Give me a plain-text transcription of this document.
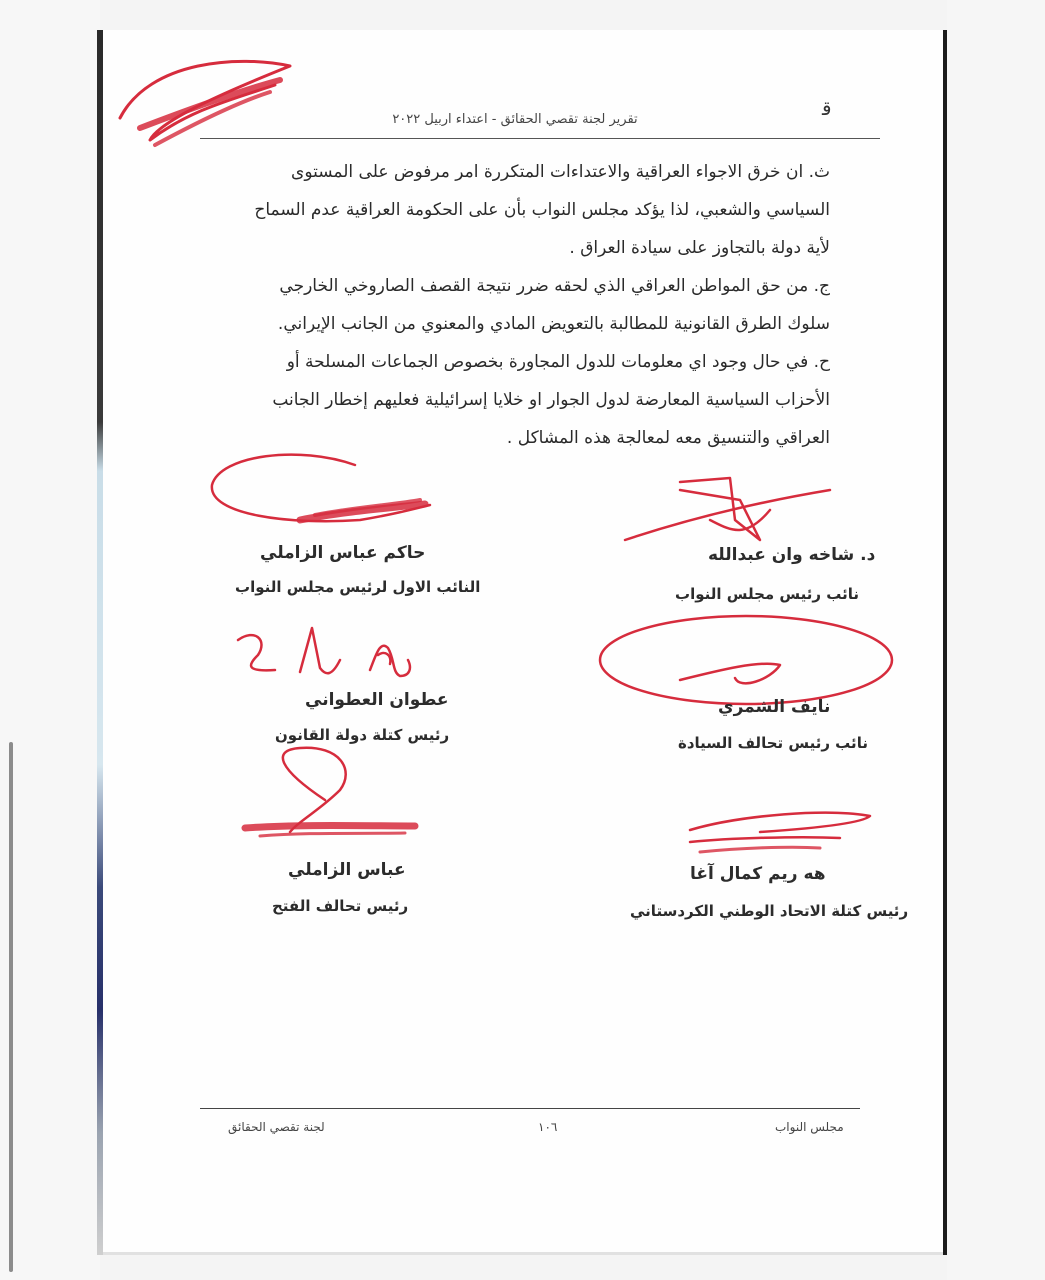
ﻗ
تقرير لجنة تقصي الحقائق - اعتداء اربيل ٢٠٢٢
ث. ان خرق الاجواء العراقية والاعتداءات المتكررة امر مرفوض على المستوى
السياسي والشعبي، لذا يؤكد مجلس النواب بأن على الحكومة العراقية عدم السماح
لأية دولة بالتجاوز على سيادة العراق .
ج. من حق المواطن العراقي الذي لحقه ضرر نتيجة القصف الصاروخي الخارجي
سلوك الطرق القانونية للمطالبة بالتعويض المادي والمعنوي من الجانب الإيراني.
ح. في حال وجود اي معلومات للدول المجاورة بخصوص الجماعات المسلحة أو
الأحزاب السياسية المعارضة لدول الجوار او خلايا إسرائيلية فعليهم إخطار الجانب
العراقي والتنسيق معه لمعالجة هذه المشاكل .
حاكم عباس الزاملي
النائب الاول لرئيس مجلس النواب
د. شاخه وان عبدالله
نائب رئيس مجلس النواب
عطوان العطواني
رئيس كتلة دولة القانون
نايف الشمري
نائب رئيس تحالف السيادة
عباس الزاملي
رئيس تحالف الفتح
هه ريم كمال آغا
رئيس كتلة الاتحاد الوطني الكردستاني
لجنة تقصي الحقائق	١٠٦	مجلس النواب
